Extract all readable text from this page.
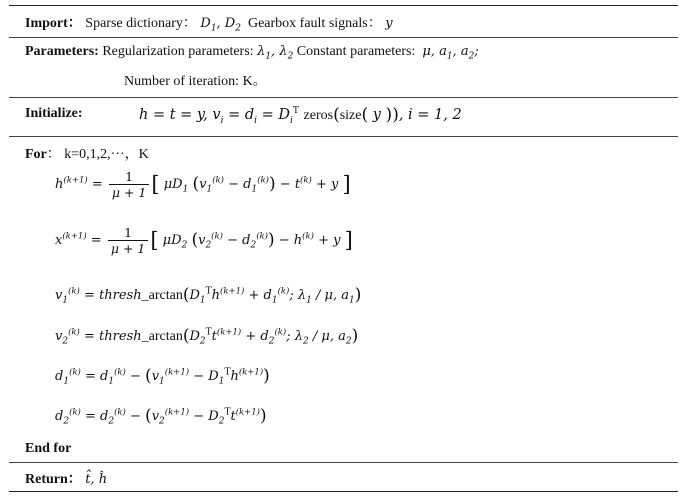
Import： Sparse dictionary： $D_1$, $D_2$ Gearbox fault signals： y
Parameters: Regularization parameters: $\lambda_1$, $\lambda_2$ Constant parameters: μ, $a_1$, $a_2$;
Number of iteration: K。
Initialize:	h = t = y, $v_i = d_i = D_i^T$ zeros(size( y )), i = 1, 2
For： k=0,1,2,···，K
$h^{(k+1)} = \frac{1}{\mu + 1}$ [ $\mu D_1$ $(v_1^{(k)} - d_1^{(k)}) - t^{(k)} + y$ ]
$x^{(k+1)} = \frac{1}{\mu + 1}$ [ $\mu D_2$ $(v_2^{(k)} - d_2^{(k)}) - h^{(k)} + y$ ]
$v_1^{(k)}$ = $thresh\_\arctan(D_1^Th^{(k+1)} + d_1^{(k)}$; $\lambda_1$ / μ, $a_1$)
$v_2^{(k)}$ = $thresh\_\arctan(D_2^Tt^{(k+1)} + d_2^{(k)}$; $\lambda_2$ / μ, $a_2$)
$d_1^{(k)} = d_1^{(k)} - (v_1^{(k+1)} - D_1^Th^{(k+1)})$
$d_2^{(k)} = d_2^{(k)} - (v_2^{(k+1)} - D_2^Tt^{(k+1)})$
End for
Return： t̂, ĥ
